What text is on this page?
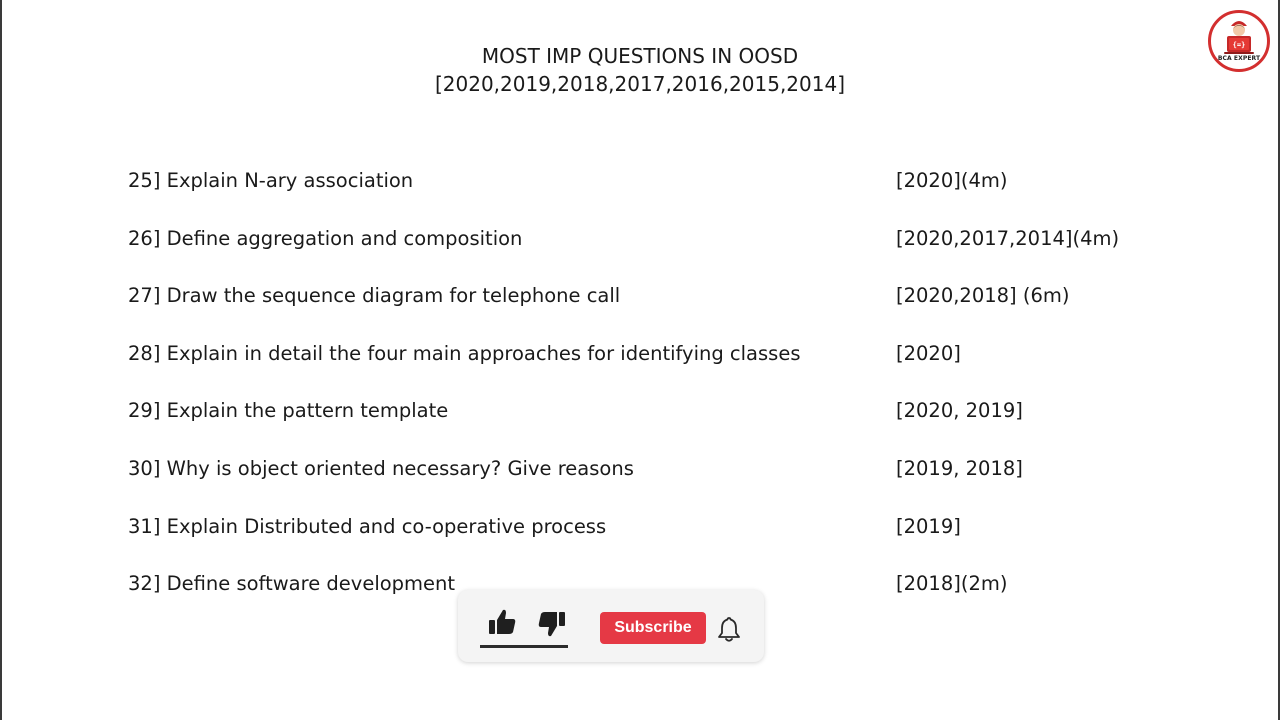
MOST IMP QUESTIONS IN OOSD
[2020,2019,2018,2017,2016,2015,2014]
{=}
BCA EXPERT
25] Explain N-ary association	[2020](4m)
26] Define aggregation and composition	[2020,2017,2014](4m)
27] Draw the sequence diagram for telephone call	[2020,2018] (6m)
28] Explain in detail the four main approaches for identifying classes	[2020]
29] Explain the pattern template	[2020, 2019]
30] Why is object oriented necessary? Give reasons	[2019, 2018]
31] Explain Distributed and co-operative process	[2019]
32] Define software development	[2018](2m)
Subscribe
